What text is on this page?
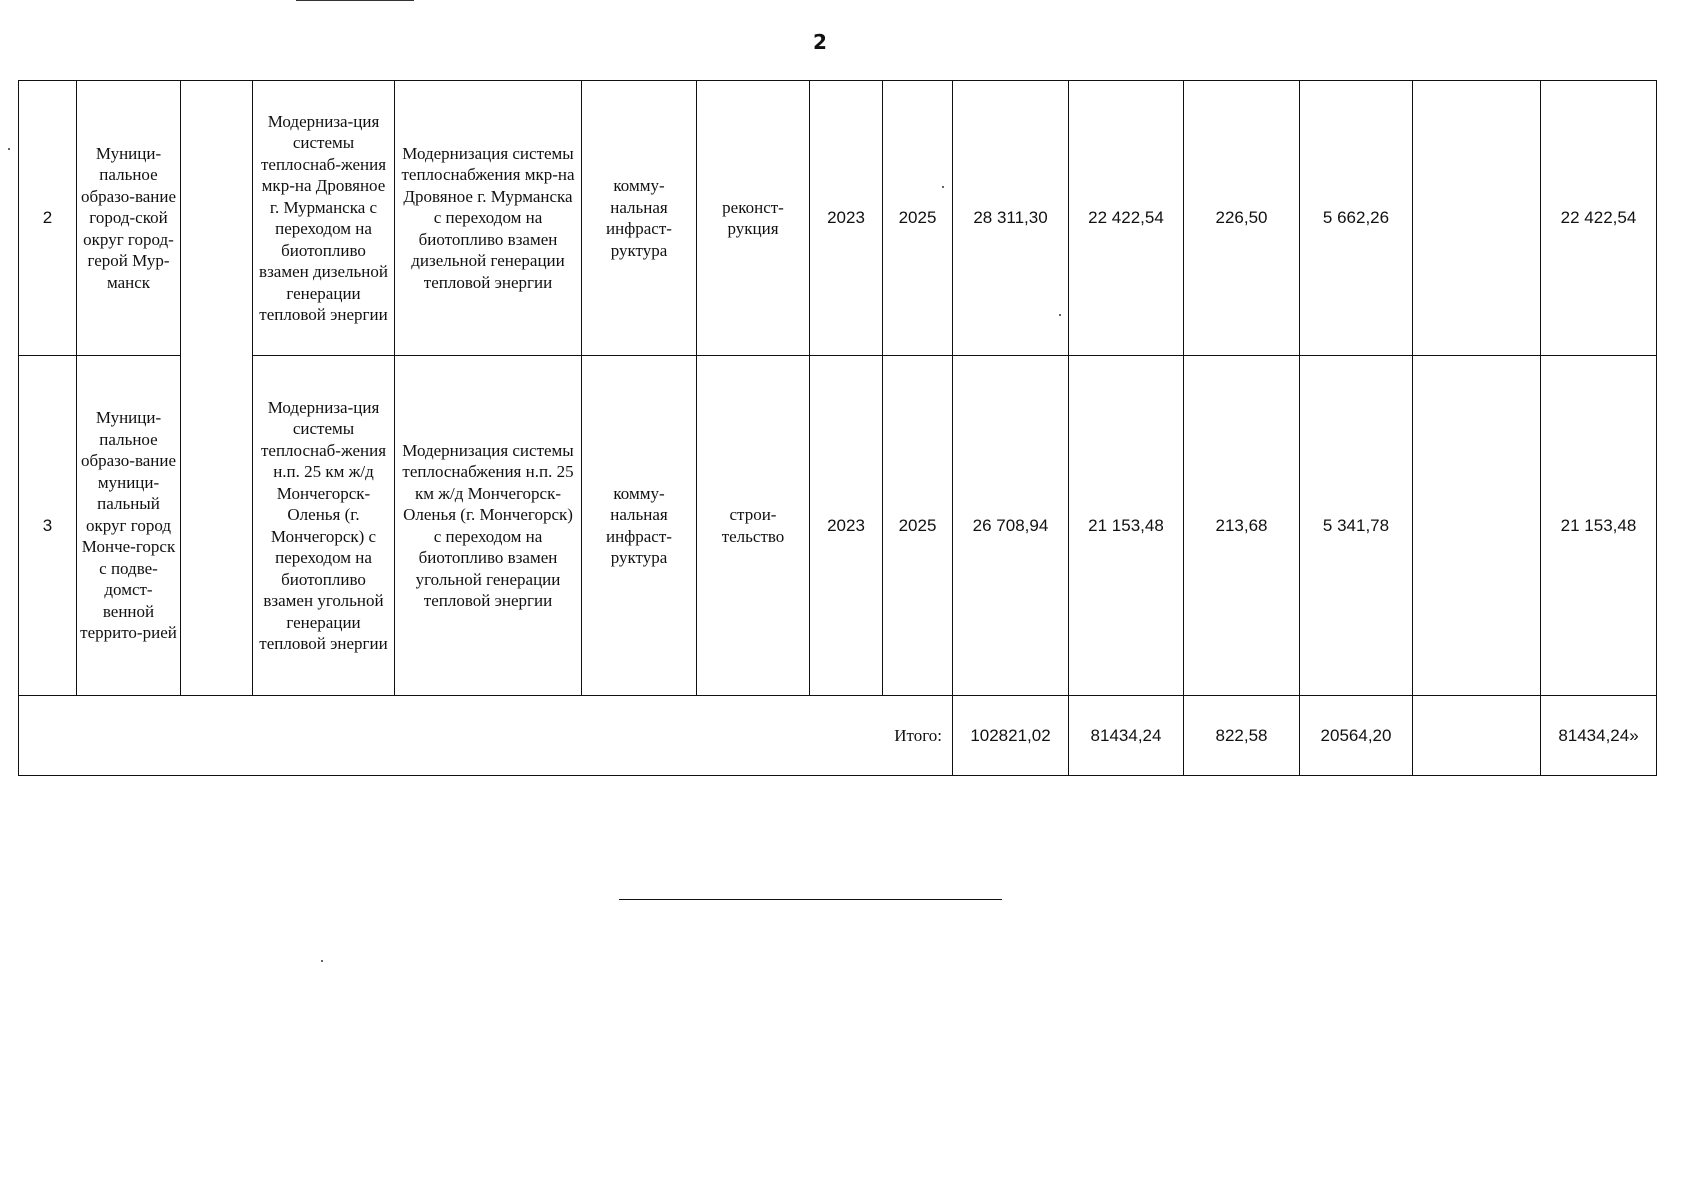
2
2	Муници-пальное образо-вание город-ской округ город-герой Мур-манск		Модерниза-ция системы теплоснаб-жения мкр-на Дровяное г. Мурманска с переходом на биотопливо взамен дизельной генерации тепловой энергии	Модернизация системы теплоснабжения мкр-на Дровяное г. Мурманска с переходом на биотопливо взамен дизельной генерации тепловой энергии	комму-нальная инфраст-руктура	реконст-рукция	2023	2025	28 311,30	22 422,54	226,50	5 662,26		22 422,54
3	Муници-пальное образо-вание муници-пальный округ город Монче-горск с подве-домст-венной террито-рией		Модерниза-ция системы теплоснаб-жения н.п. 25 км ж/д Мончегорск-Оленья (г. Мончегорск) с переходом на биотопливо взамен угольной генерации тепловой энергии	Модернизация системы теплоснабжения н.п. 25 км ж/д Мончегорск-Оленья (г. Мончегорск) с переходом на биотопливо взамен угольной генерации тепловой энергии	комму-нальная инфраст-руктура	строи-тельство	2023	2025	26 708,94	21 153,48	213,68	5 341,78		21 153,48
Итого:									102821,02	81434,24	822,58	20564,20		81434,24»
